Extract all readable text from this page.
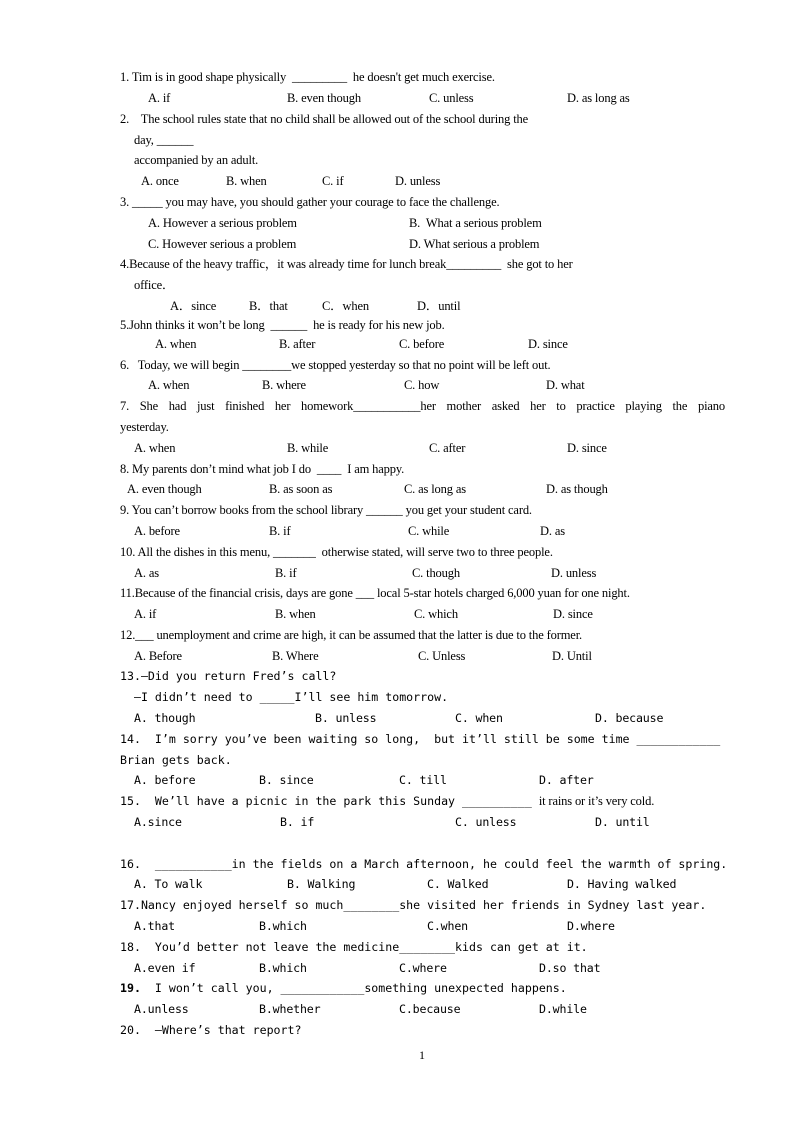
1. Tim is in good shape physically  _________  he doesn't get much exercise.
A. if	B. even though	C. unless	D. as long as
2.    The school rules state that no child shall be allowed out of the school during the
day, ______
accompanied by an adult.
A. once	B. when	C. if	D. unless
3. _____ you may have, you should gather your courage to face the challenge.
A. However a serious problem	B.  What a serious problem
C. However serious a problem	D. What serious a problem
4.Because of the heavy traffic，it was already time for lunch break_________  she got to her
office．
A．since	B．that	C．when	D．until
5.John thinks it won’t be long  ______  he is ready for his new job.
A. when	B. after	C. before	D. since
6.   Today, we will begin ________we stopped yesterday so that no point will be left out.
A. when	B. where	C. how	D. what
7. She had just finished her homework___________her mother asked her to practice playing the piano
yesterday.
A. when	B. while	C. after	D. since
8. My parents don’t mind what job I do  ____  I am happy.
A. even though	B. as soon as	C. as long as	D. as though
9. You can’t borrow books from the school library ______ you get your student card.
A. before	B. if	C. while	D. as
10. All the dishes in this menu, _______  otherwise stated, will serve two to three people.
A. as	B. if	C. though	D. unless
11.Because of the financial crisis, days are gone ___ local 5-star hotels charged 6,000 yuan for one night.
A. if	B. when	C. which	D. since
12.___ unemployment and crime are high, it can be assumed that the latter is due to the former.
A. Before	B. Where	C. Unless	D. Until
13.—Did you return Fred’s call?
—I didn’t need to _____I’ll see him tomorrow.
A. though	B. unless	C. when	D. because
14.  I’m sorry you’ve been waiting so long,  but it’ll still be some time ____________
Brian gets back.
A. before	B. since	C. till	D. after
15.  We’ll have a picnic in the park this Sunday __________ it rains or it’s very cold.
A.since	B. if	C. unless	D. until
16.  ___________in the fields on a March afternoon, he could feel the warmth of spring.
A. To walk	B. Walking	C. Walked	D. Having walked
17.Nancy enjoyed herself so much________she visited her friends in Sydney last year.
A.that	B.which	C.when	D.where
18.  You’d better not leave the medicine________kids can get at it.
A.even if	B.which	C.where	D.so that
19.  I won’t call you, ____________something unexpected happens.
A.unless	B.whether	C.because	D.while
20.  —Where’s that report?
1
